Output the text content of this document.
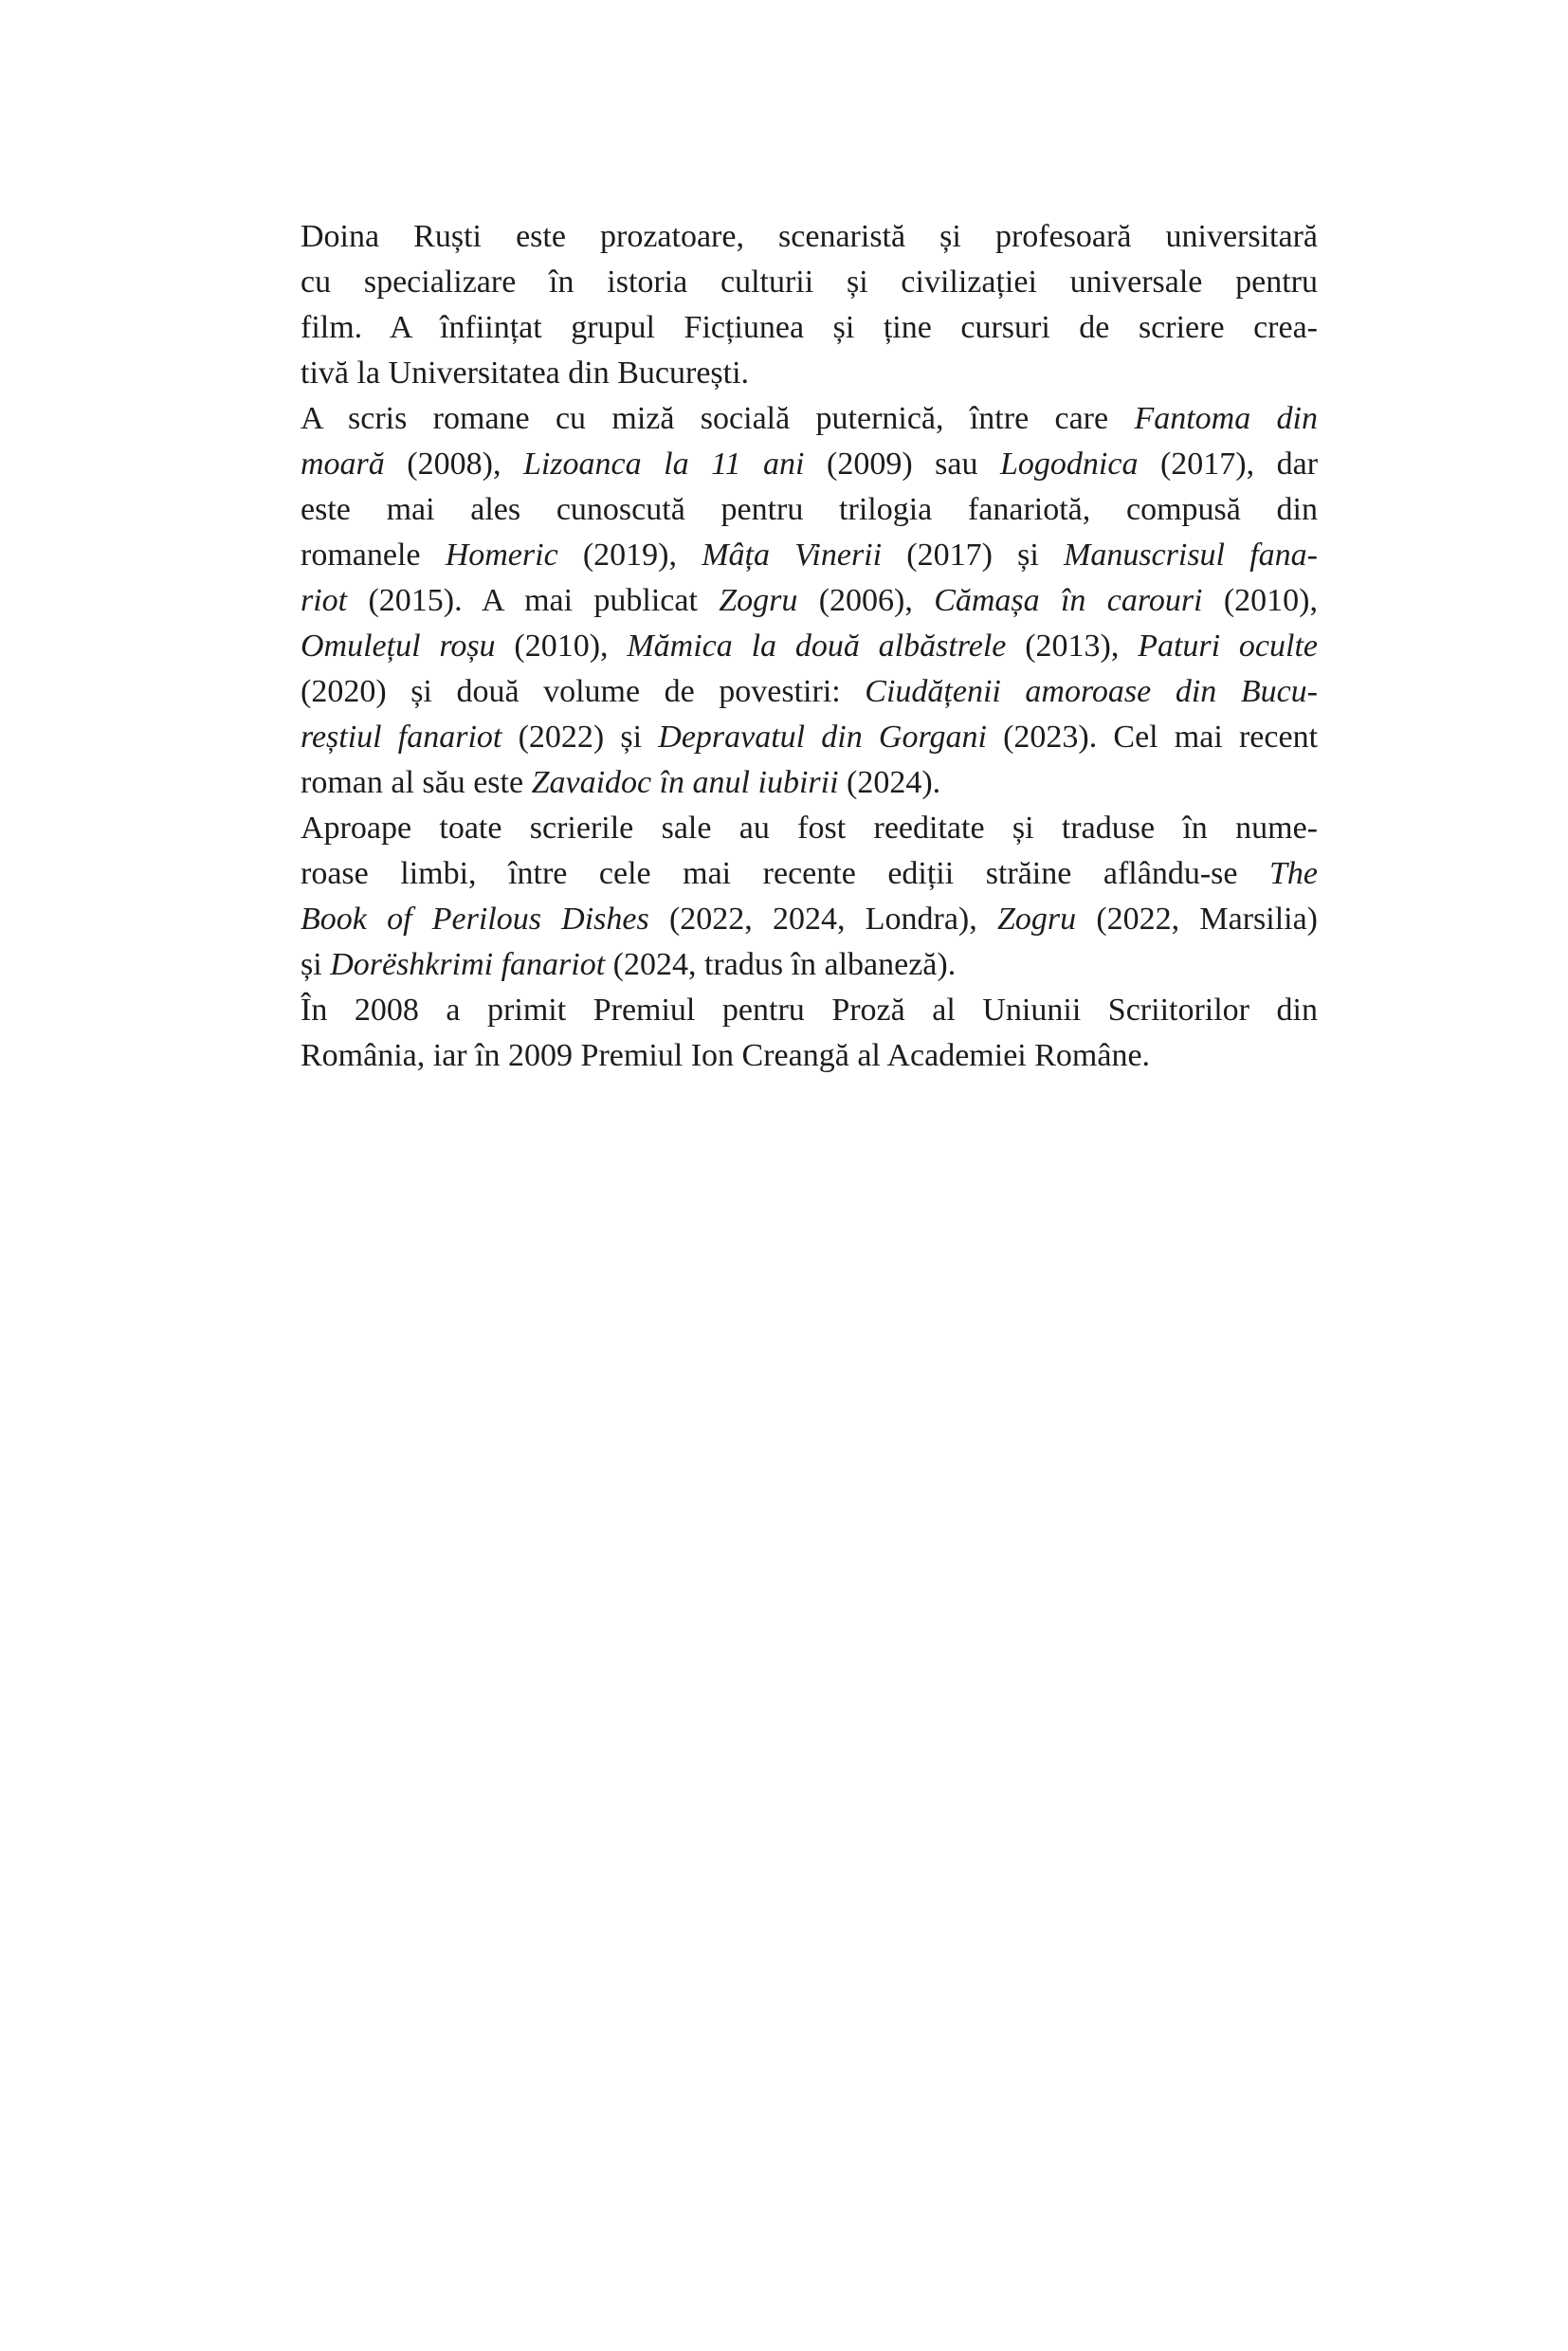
Doina Ruști este prozatoare, scenaristă și profesoară universitară
cu specializare în istoria culturii și civilizației universale pentru
film. A înființat grupul Ficțiunea și ține cursuri de scriere crea-
tivă la Universitatea din București.

A scris romane cu miză socială puternică, între care Fantoma din
moară (2008), Lizoanca la 11 ani (2009) sau Logodnica (2017), dar
este mai ales cunoscută pentru trilogia fanariotă, compusă din
romanele Homeric (2019), Mâța Vinerii (2017) și Manuscrisul fana-
riot (2015). A mai publicat Zogru (2006), Cămașa în carouri (2010),
Omulețul roșu (2010), Mămica la două albăstrele (2013), Paturi oculte
(2020) și două volume de povestiri: Ciudățenii amoroase din Bucu-
reștiul fanariot (2022) și Depravatul din Gorgani (2023). Cel mai recent
roman al său este Zavaidoc în anul iubirii (2024).

Aproape toate scrierile sale au fost reeditate și traduse în nume-
roase limbi, între cele mai recente ediții străine aflându-se The
Book of Perilous Dishes (2022, 2024, Londra), Zogru (2022, Marsilia)
și Dorëshkrimi fanariot (2024, tradus în albaneză).

În 2008 a primit Premiul pentru Proză al Uniunii Scriitorilor din
România, iar în 2009 Premiul Ion Creangă al Academiei Române.
